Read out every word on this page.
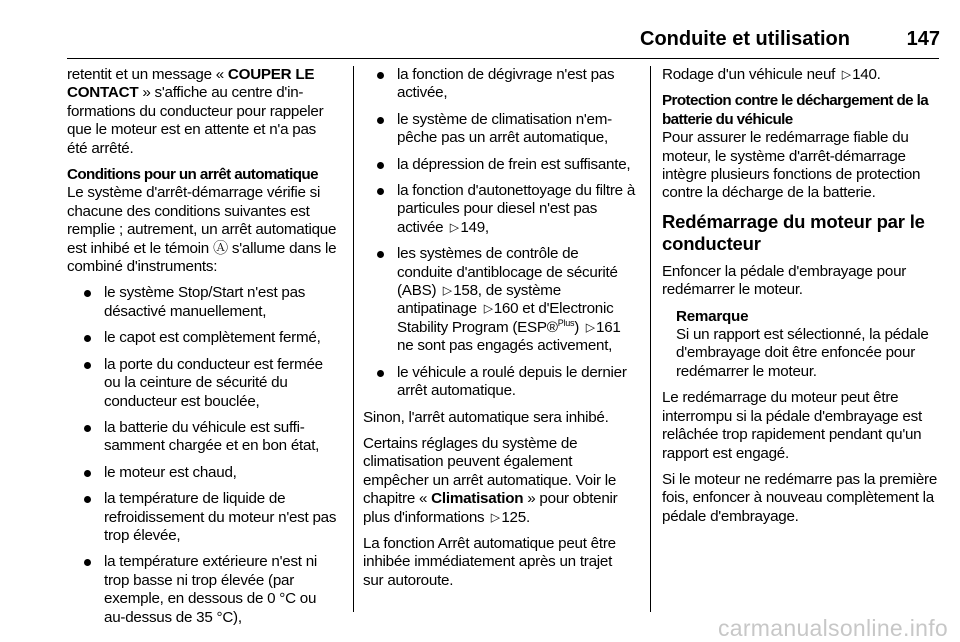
Conduite et utilisation	147

retentit et un message « COUPER LE CONTACT » s'affiche au centre d'informations du conducteur pour rappeler que le moteur est en attente et n'a pas été arrêté.

Conditions pour un arrêt automatique

Le système d'arrêt-démarrage vérifie si chacune des conditions suivantes est remplie ; autrement, un arrêt automatique est inhibé et le témoin Ⓐ s'allume dans le combiné d'instruments:

le système Stop/Start n'est pas désactivé manuellement,
le capot est complètement fermé,
la porte du conducteur est fermée ou la ceinture de sécurité du conducteur est bouclée,
la batterie du véhicule est suffisamment chargée et en bon état,
le moteur est chaud,
la température de liquide de refroidissement du moteur n'est pas trop élevée,
la température extérieure n'est ni trop basse ni trop élevée (par exemple, en dessous de 0 °C ou au-dessus de 35 °C),
la fonction de dégivrage n'est pas activée,
le système de climatisation n'empêche pas un arrêt automatique,
la dépression de frein est suffisante,
la fonction d'autonettoyage du filtre à particules pour diesel n'est pas activée ▽149,
les systèmes de contrôle de conduite d'antiblocage de sécurité (ABS) ▽158, de système antipatinage ▽160 et d'Electronic Stability Program (ESP®$^{Plus}$) ▽161 ne sont pas engagés activement,
le véhicule a roulé depuis le dernier arrêt automatique.

Sinon, l'arrêt automatique sera inhibé.

Certains réglages du système de climatisation peuvent également empêcher un arrêt automatique. Voir le chapitre « Climatisation » pour obtenir plus d'informations ▽125.

La fonction Arrêt automatique peut être inhibée immédiatement après un trajet sur autoroute.

Rodage d'un véhicule neuf ▽140.

Protection contre le déchargement de la batterie du véhicule

Pour assurer le redémarrage fiable du moteur, le système d'arrêt-démarrage intègre plusieurs fonctions de protection contre la décharge de la batterie.

Redémarrage du moteur par le conducteur

Enfoncer la pédale d'embrayage pour redémarrer le moteur.

Remarque
Si un rapport est sélectionné, la pédale d'embrayage doit être enfoncée pour redémarrer le moteur.

Le redémarrage du moteur peut être interrompu si la pédale d'embrayage est relâchée trop rapidement pendant qu'un rapport est engagé.

Si le moteur ne redémarre pas la première fois, enfoncer à nouveau complètement la pédale d'embrayage.

carmanualsonline.info
